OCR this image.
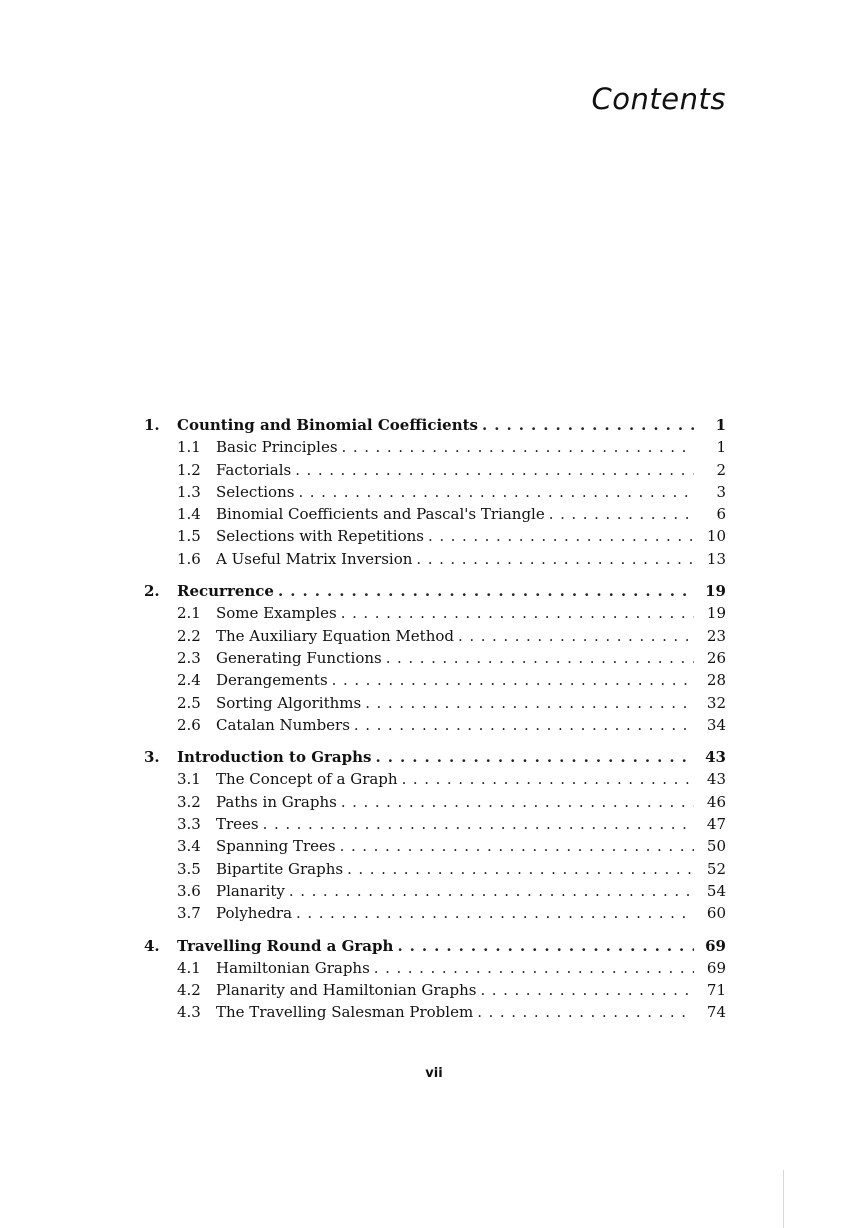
Contents
1.	Counting and Binomial Coefficients . . .	1
1.1	Basic Principles . . .	1
1.2	Factorials . . .	2
1.3	Selections . . .	3
1.4	Binomial Coefficients and Pascal's Triangle . . .	6
1.5	Selections with Repetitions . . .	10
1.6	A Useful Matrix Inversion . . .	13
2.	Recurrence . . .	19
2.1	Some Examples . . .	19
2.2	The Auxiliary Equation Method . . .	23
2.3	Generating Functions . . .	26
2.4	Derangements . . .	28
2.5	Sorting Algorithms . . .	32
2.6	Catalan Numbers . . .	34
3.	Introduction to Graphs . . .	43
3.1	The Concept of a Graph . . .	43
3.2	Paths in Graphs . . .	46
3.3	Trees . . .	47
3.4	Spanning Trees . . .	50
3.5	Bipartite Graphs . . .	52
3.6	Planarity . . .	54
3.7	Polyhedra . . .	60
4.	Travelling Round a Graph . . .	69
4.1	Hamiltonian Graphs . . .	69
4.2	Planarity and Hamiltonian Graphs . . .	71
4.3	The Travelling Salesman Problem . . .	74
vii
